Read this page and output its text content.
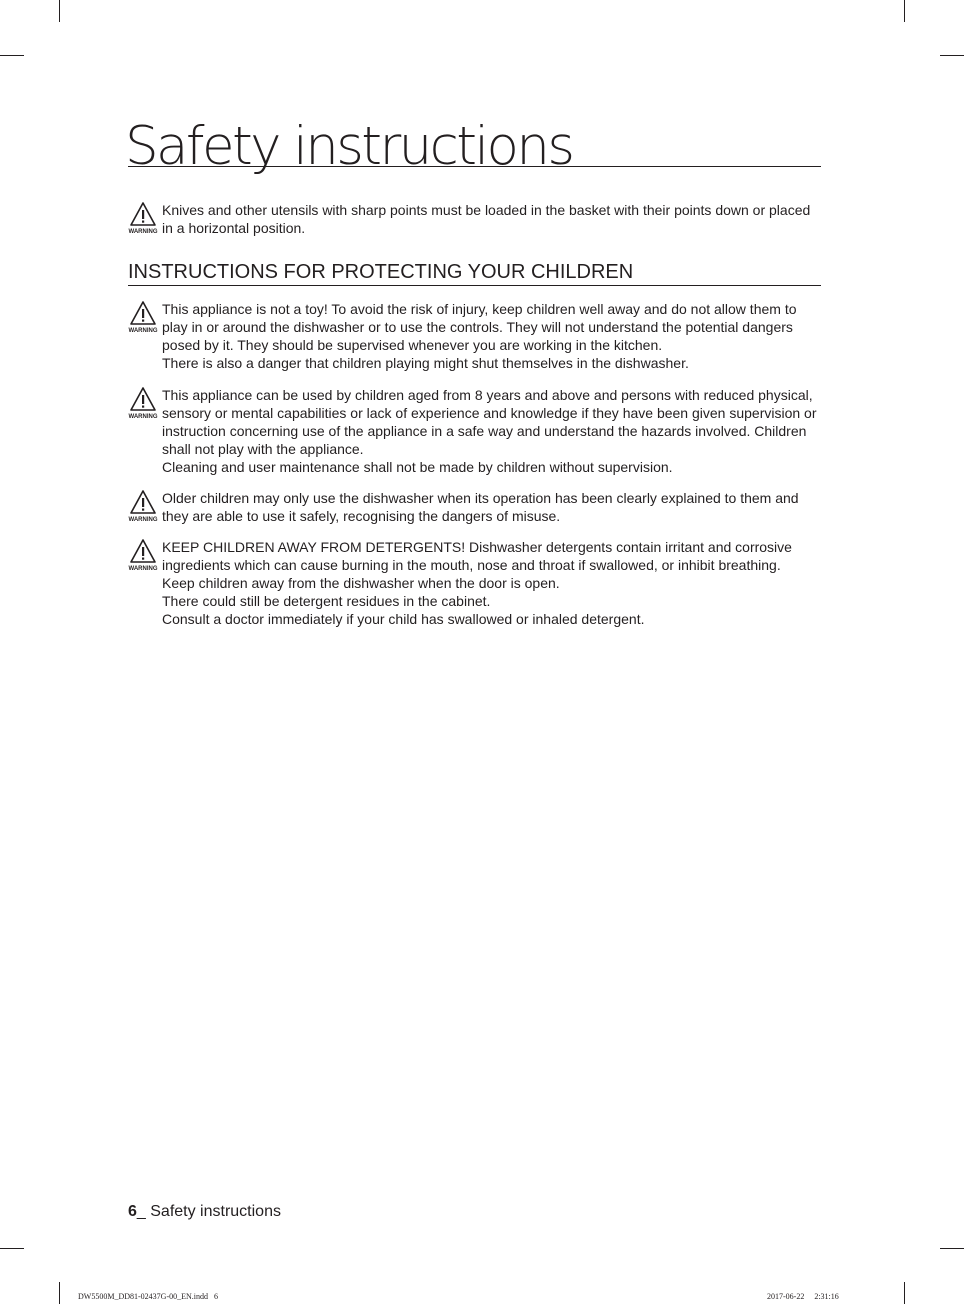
Safety instructions
WARNING

Knives and other utensils with sharp points must be loaded in the basket with their points down or placed in a horizontal position.

INSTRUCTIONS FOR PROTECTING YOUR CHILDREN
WARNING

This appliance is not a toy! To avoid the risk of injury, keep children well away and do not allow them to play in or around the dishwasher or to use the controls. They will not understand the potential dangers posed by it. They should be supervised whenever you are working in the kitchen.

There is also a danger that children playing might shut themselves in the dishwasher.

WARNING

This appliance can be used by children aged from 8 years and above and persons with reduced physical, sensory or mental capabilities or lack of experience and knowledge if they have been given supervision or instruction concerning use of the appliance in a safe way and understand the hazards involved. Children shall not play with the appliance.

Cleaning and user maintenance shall not be made by children without supervision.

WARNING

Older children may only use the dishwasher when its operation has been clearly explained to them and they are able to use it safely, recognising the dangers of misuse.

WARNING

KEEP CHILDREN AWAY FROM DETERGENTS! Dishwasher detergents contain irritant and corrosive ingredients which can cause burning in the mouth, nose and throat if swallowed, or inhibit breathing.

Keep children away from the dishwasher when the door is open.

There could still be detergent residues in the cabinet.

Consult a doctor immediately if your child has swallowed or inhaled detergent.

6_ Safety instructions
DW5500M_DD81-02437G-00_EN.indd   6	2017-06-22     2:31:16
